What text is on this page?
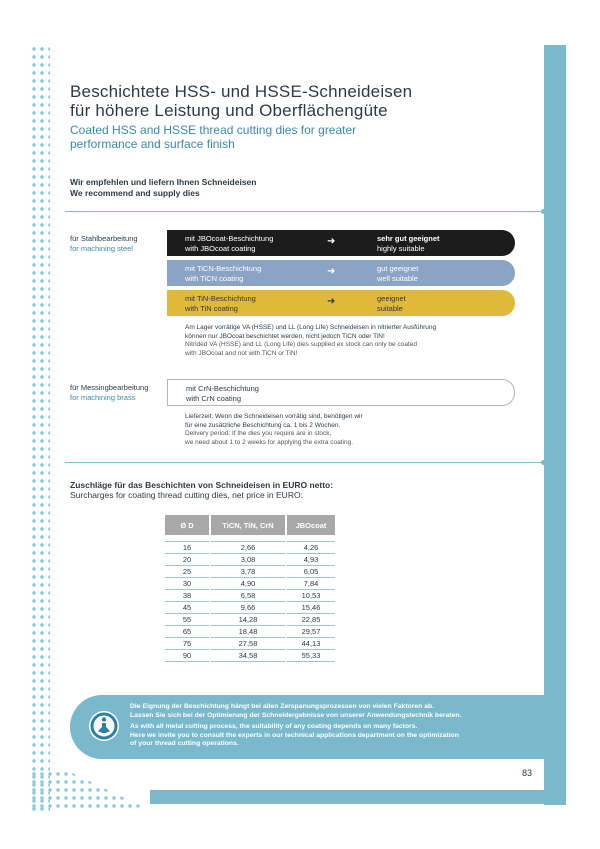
Beschichtete HSS- und HSSE-Schneideisen
für höhere Leistung und Oberflächengüte
Coated HSS and HSSE thread cutting dies for greater
performance and surface finish
Wir empfehlen und liefern Ihnen Schneideisen
We recommend and supply dies
für Stahlbearbeitung
for machining steel
mit JBOcoat-Beschichtung
with JBOcoat coating
➜	sehr gut geeignet
highly suitable
mit TiCN-Beschichtung
with TiCN coating
➜	gut geeignet
well suitable
mit TiN-Beschichtung
with TiN coating
➜	geeignet
suitable
Am Lager vorrätige VA (HSSE) und LL (Long Life) Schneideisen in nitrierter Ausführung
können nur JBOcoat beschichtet werden, nicht jedoch TiCN oder TiN!
Nitrided VA (HSSE) and LL (Long Life) dies supplied ex stock can only be coated
with JBOcoat and not with TiCN or TiN!
für Messingbearbeitung
for machining brass
mit CrN-Beschichtung
with CrN coating
Lieferzeit: Wenn die Schneideisen vorrätig sind, benötigen wir
für eine zusätzliche Beschichtung ca. 1 bis 2 Wochen.
Delivery period: If the dies you require are in stock,
we need about 1 to 2 weeks for applying the extra coating.
Zuschläge für das Beschichten von Schneideisen in EURO netto:
Surcharges for coating thread cutting dies, net price in EURO:
Ø D	TiCN, TiN, CrN	JBOcoat

16	2,66	4,26
20	3,08	4,93
25	3,78	6,05
30	4,90	7,84
38	6,58	10,53
45	9,66	15,46
55	14,28	22,85
65	18,48	29,57
75	27,58	44,13
90	34,58	55,33
Die Eignung der Beschichtung hängt bei allen Zerspanungsprozessen von vielen Faktoren ab.
Lassen Sie sich bei der Optimierung der Schneidergebnisse von unserer Anwendungstechnik beraten.
As with all metal cutting process, the suitability of any coating depends on many factors.
Here we invite you to consult the experts in our technical applications department on the optimization
of your thread cutting operations.
83
